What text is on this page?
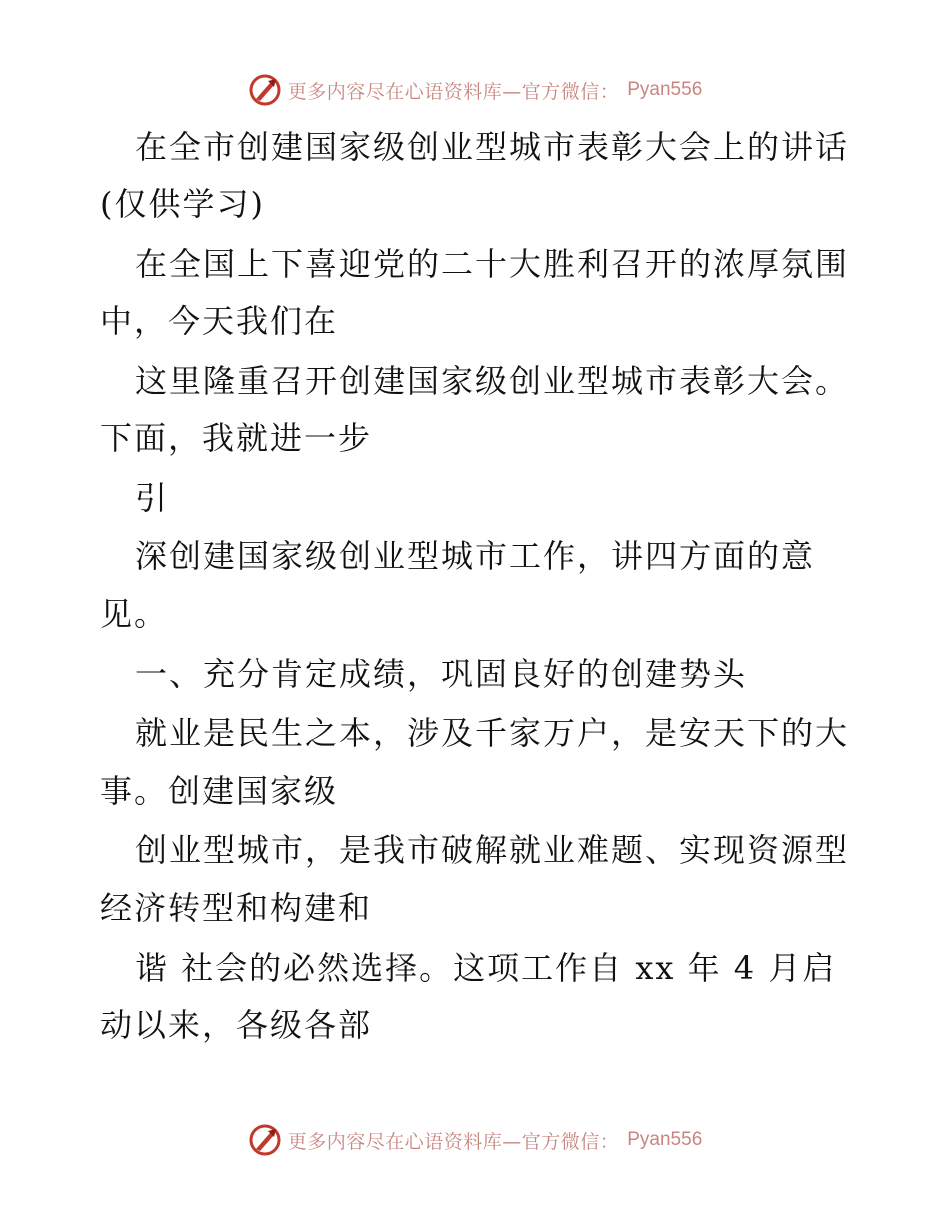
更多内容尽在心语资料库—官方微信： Pyan556
在全市创建国家级创业型城市表彰大会上的讲话
(仅供学习)
在全国上下喜迎党的二十大胜利召开的浓厚氛围
中，今天我们在
这里隆重召开创建国家级创业型城市表彰大会。
下面，我就进一步
引
深创建国家级创业型城市工作，讲四方面的意
见。
一、充分肯定成绩，巩固良好的创建势头
就业是民生之本，涉及千家万户，是安天下的大
事。创建国家级
创业型城市，是我市破解就业难题、实现资源型
经济转型和构建和
谐 社会的必然选择。这项工作自 xx 年 4 月启
动以来，各级各部
更多内容尽在心语资料库—官方微信： Pyan556
